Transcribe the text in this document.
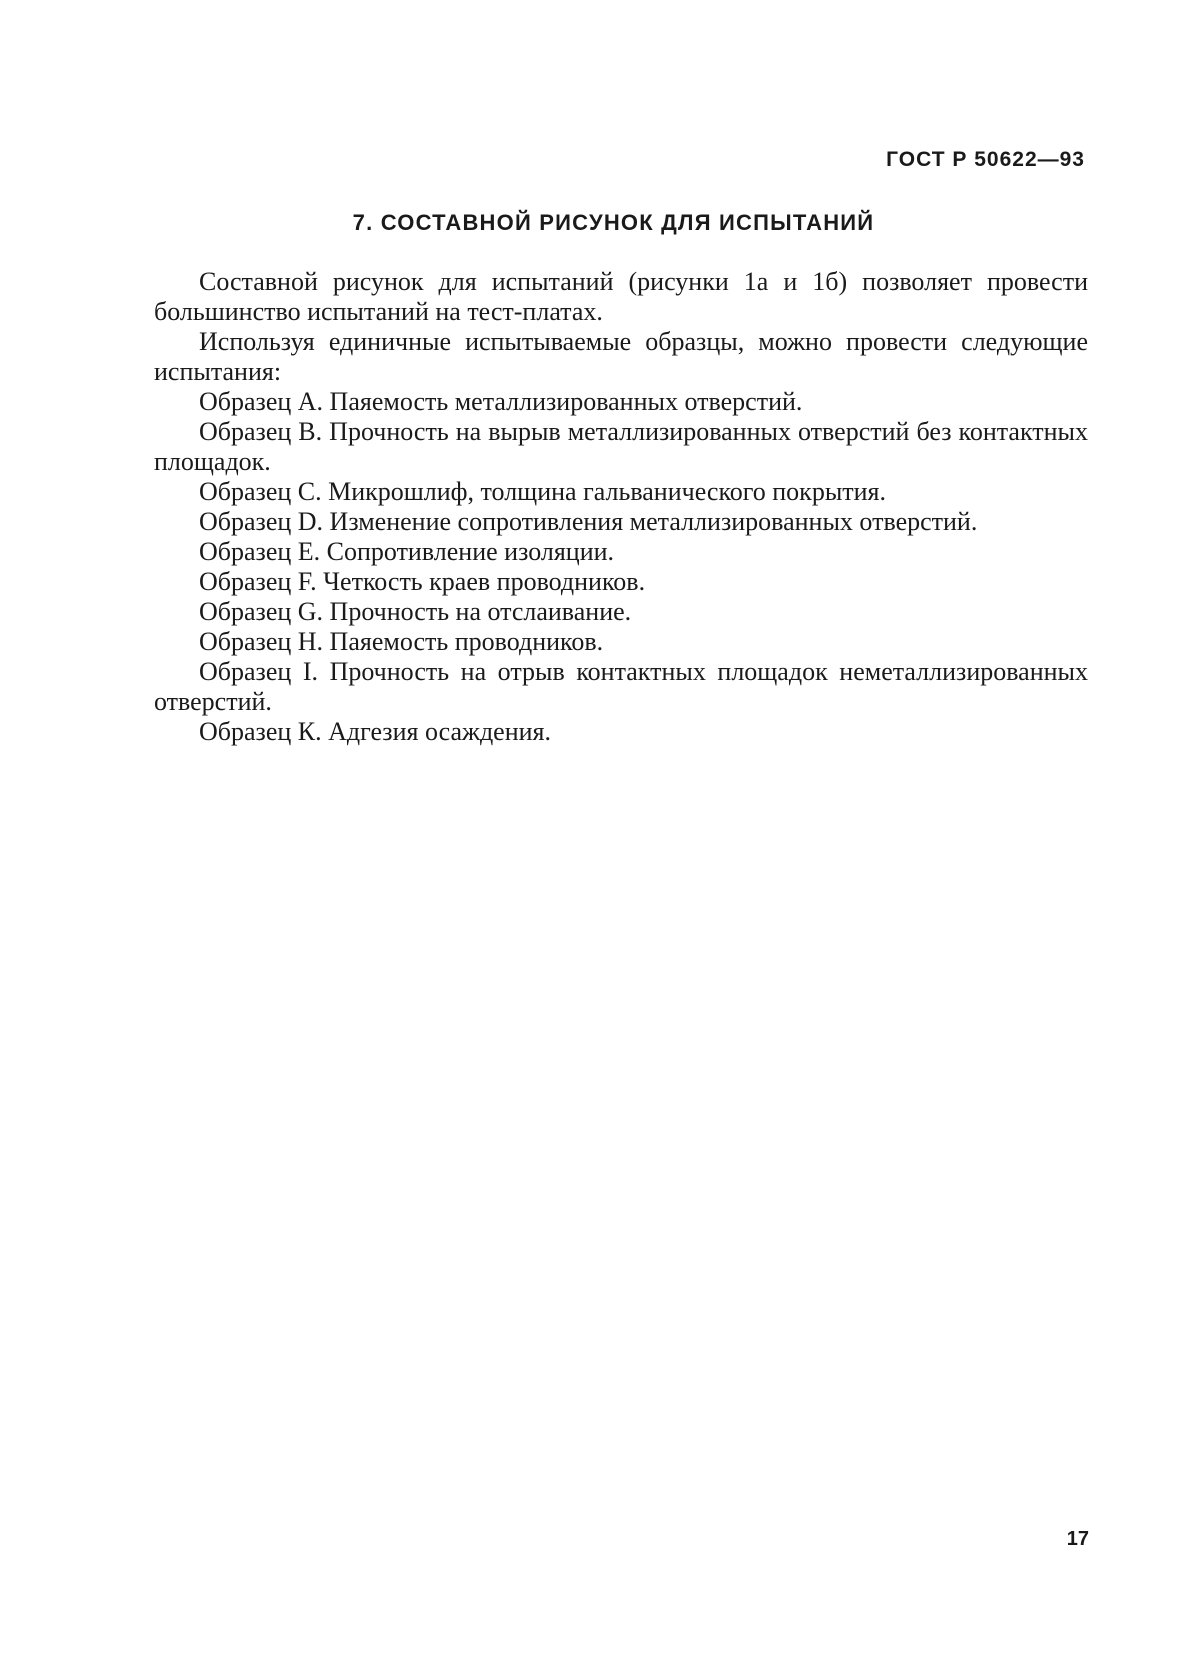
ГОСТ Р 50622—93
7. СОСТАВНОЙ РИСУНОК ДЛЯ ИСПЫТАНИЙ

Составной рисунок для испытаний (рисунки 1а и 1б) позволяет провести большинство испытаний на тест-платах.

Используя единичные испытываемые образцы, можно провести следующие испытания:

Образец А. Паяемость металлизированных отверстий.

Образец В. Прочность на вырыв металлизированных отверстий без контактных площадок.

Образец С. Микрошлиф, толщина гальванического покрытия.

Образец D. Изменение сопротивления металлизированных отверстий.

Образец Е. Сопротивление изоляции.

Образец F. Четкость краев проводников.

Образец G. Прочность на отслаивание.

Образец Н. Паяемость проводников.

Образец I. Прочность на отрыв контактных площадок неметаллизированных отверстий.

Образец К. Адгезия осаждения.

17
